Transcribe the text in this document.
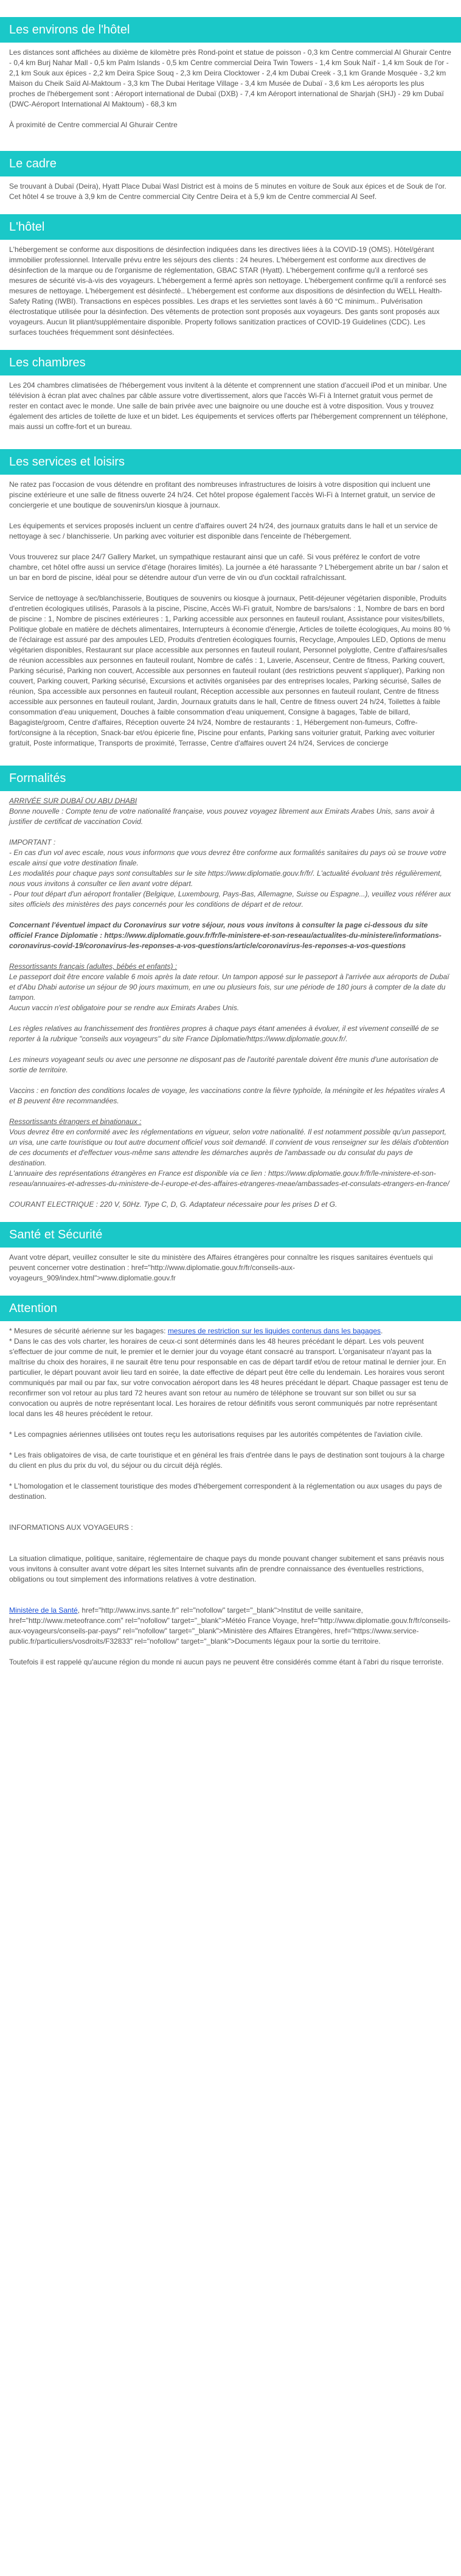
Les environs de l'hôtel

Les distances sont affichées au dixième de kilomètre près Rond-point et statue de poisson - 0,3 km Centre commercial Al Ghurair Centre - 0,4 km Burj Nahar Mall - 0,5 km Palm Islands - 0,5 km Centre commercial Deira Twin Towers - 1,4 km Souk Naïf - 1,4 km Souk de l'or - 2,1 km Souk aux épices - 2,2 km Deira Spice Souq - 2,3 km Deira Clocktower - 2,4 km Dubai Creek - 3,1 km Grande Mosquée - 3,2 km Maison du Cheik Saïd Al-Maktoum - 3,3 km The Dubai Heritage Village - 3,4 km Musée de Dubaï - 3,6 km Les aéroports les plus proches de l'hébergement sont : Aéroport international de Dubaï (DXB) - 7,4 km Aéroport international de Sharjah (SHJ) - 29 km Dubaï (DWC-Aéroport International Al Maktoum) - 68,3 km

À proximité de Centre commercial Al Ghurair Centre

Le cadre

Se trouvant à Dubaï (Deira), Hyatt Place Dubai Wasl District est à moins de 5 minutes en voiture de Souk aux épices et de Souk de l'or. Cet hôtel 4 se trouve à 3,9 km de Centre commercial City Centre Deira et à 5,9 km de Centre commercial Al Seef.

L'hôtel

L'hébergement se conforme aux dispositions de désinfection indiquées dans les directives liées à la COVID-19 (OMS). Hôtel/gérant immobilier professionnel. Intervalle prévu entre les séjours des clients : 24 heures. L'hébergement est conforme aux directives de désinfection de la marque ou de l'organisme de réglementation, GBAC STAR (Hyatt). L'hébergement confirme qu'il a renforcé ses mesures de sécurité vis-à-vis des voyageurs. L'hébergement a fermé après son nettoyage. L'hébergement confirme qu'il a renforcé ses mesures de nettoyage. L'hébergement est désinfecté.. L'hébergement est conforme aux dispositions de désinfection du WELL Health-Safety Rating (IWBI). Transactions en espèces possibles. Les draps et les serviettes sont lavés à 60 °C minimum.. Pulvérisation électrostatique utilisée pour la désinfection. Des vêtements de protection sont proposés aux voyageurs. Des gants sont proposés aux voyageurs. Aucun lit pliant/supplémentaire disponible. Property follows sanitization practices of COVID-19 Guidelines (CDC). Les surfaces touchées fréquemment sont désinfectées.

Les chambres

Les 204 chambres climatisées de l'hébergement vous invitent à la détente et comprennent une station d'accueil iPod et un minibar. Une télévision à écran plat avec chaînes par câble assure votre divertissement, alors que l'accès Wi-Fi à Internet gratuit vous permet de rester en contact avec le monde. Une salle de bain privée avec une baignoire ou une douche est à votre disposition. Vous y trouvez également des articles de toilette de luxe et un bidet. Les équipements et services offerts par l'hébergement comprennent un téléphone, mais aussi un coffre-fort et un bureau.

Les services et loisirs

Ne ratez pas l'occasion de vous détendre en profitant des nombreuses infrastructures de loisirs à votre disposition qui incluent une piscine extérieure et une salle de fitness ouverte 24 h/24. Cet hôtel propose également l'accès Wi-Fi à Internet gratuit, un service de conciergerie et une boutique de souvenirs/un kiosque à journaux.

Les équipements et services proposés incluent un centre d'affaires ouvert 24 h/24, des journaux gratuits dans le hall et un service de nettoyage à sec / blanchisserie. Un parking avec voiturier est disponible dans l'enceinte de l'hébergement.

Vous trouverez sur place 24/7 Gallery Market, un sympathique restaurant ainsi que un café. Si vous préférez le confort de votre chambre, cet hôtel offre aussi un service d'étage (horaires limités). La journée a été harassante ? L'hébergement abrite un bar / salon et un bar en bord de piscine, idéal pour se détendre autour d'un verre de vin ou d'un cocktail rafraîchissant.

Service de nettoyage à sec/blanchisserie, Boutiques de souvenirs ou kiosque à journaux, Petit-déjeuner végétarien disponible, Produits d'entretien écologiques utilisés, Parasols à la piscine, Piscine, Accès Wi-Fi gratuit, Nombre de bars/salons : 1, Nombre de bars en bord de piscine : 1, Nombre de piscines extérieures : 1, Parking accessible aux personnes en fauteuil roulant, Assistance pour visites/billets, Politique globale en matière de déchets alimentaires, Interrupteurs à économie d'énergie, Articles de toilette écologiques, Au moins 80 % de l'éclairage est assuré par des ampoules LED, Produits d'entretien écologiques fournis, Recyclage, Ampoules LED, Options de menu végétarien disponibles, Restaurant sur place accessible aux personnes en fauteuil roulant, Personnel polyglotte, Centre d'affaires/salles de réunion accessibles aux personnes en fauteuil roulant, Nombre de cafés : 1, Laverie, Ascenseur, Centre de fitness, Parking couvert, Parking sécurisé, Parking non couvert, Accessible aux personnes en fauteuil roulant (des restrictions peuvent s'appliquer), Parking non couvert, Parking couvert, Parking sécurisé, Excursions et activités organisées par des entreprises locales, Parking sécurisé, Salles de réunion, Spa accessible aux personnes en fauteuil roulant, Réception accessible aux personnes en fauteuil roulant, Centre de fitness accessible aux personnes en fauteuil roulant, Jardin, Journaux gratuits dans le hall, Centre de fitness ouvert 24 h/24, Toilettes à faible consommation d'eau uniquement, Douches à faible consommation d'eau uniquement, Consigne à bagages, Table de billard, Bagagiste/groom, Centre d'affaires, Réception ouverte 24 h/24, Nombre de restaurants : 1, Hébergement non-fumeurs, Coffre-fort/consigne à la réception, Snack-bar et/ou épicerie fine, Piscine pour enfants, Parking sans voiturier gratuit, Parking avec voiturier gratuit, Poste informatique, Transports de proximité, Terrasse, Centre d'affaires ouvert 24 h/24, Services de concierge

Formalités

ARRIVÉE SUR DUBAÏ OU ABU DHABI

Bonne nouvelle : Compte tenu de votre nationalité française, vous pouvez voyagez librement aux Emirats Arabes Unis, sans avoir à justifier de certificat de vaccination Covid.

IMPORTANT :

- En cas d'un vol avec escale, nous vous informons que vous devrez être conforme aux formalités sanitaires du pays où se trouve votre escale ainsi que votre destination finale.

Les modalités pour chaque pays sont consultables sur le site https://www.diplomatie.gouv.fr/fr/. L'actualité évoluant très régulièrement, nous vous invitons à consulter ce lien avant votre départ.

- Pour tout départ d'un aéroport frontalier (Belgique, Luxembourg, Pays-Bas, Allemagne, Suisse ou Espagne...), veuillez vous référer aux sites officiels des ministères des pays concernés pour les conditions de départ et de retour.

Concernant l'éventuel impact du Coronavirus sur votre séjour, nous vous invitons à consulter la page ci-dessous du site officiel France Diplomatie : https://www.diplomatie.gouv.fr/fr/le-ministere-et-son-reseau/actualites-du-ministere/informations-coronavirus-covid-19/coronavirus-les-reponses-a-vos-questions/article/coronavirus-les-reponses-a-vos-questions

Ressortissants français (adultes, bébés et enfants) :

Le passeport doit être encore valable 6 mois après la date retour. Un tampon apposé sur le passeport à l'arrivée aux aéroports de Dubaï et d'Abu Dhabi autorise un séjour de 90 jours maximum, en une ou plusieurs fois, sur une période de 180 jours à compter de la date du tampon.

Aucun vaccin n'est obligatoire pour se rendre aux Emirats Arabes Unis.

Les règles relatives au franchissement des frontières propres à chaque pays étant amenées à évoluer, il est vivement conseillé de se reporter à la rubrique "conseils aux voyageurs" du site France Diplomatie/https://www.diplomatie.gouv.fr/.

Les mineurs voyageant seuls ou avec une personne ne disposant pas de l'autorité parentale doivent être munis d'une autorisation de sortie de territoire.

Vaccins : en fonction des conditions locales de voyage, les vaccinations contre la fièvre typhoïde, la méningite et les hépatites virales A et B peuvent être recommandées.

Ressortissants étrangers et binationaux :

Vous devrez être en conformité avec les réglementations en vigueur, selon votre nationalité. Il est notamment possible qu'un passeport, un visa, une carte touristique ou tout autre document officiel vous soit demandé. Il convient de vous renseigner sur les délais d'obtention de ces documents et d'effectuer vous-même sans attendre les démarches auprès de l'ambassade ou du consulat du pays de destination.

L'annuaire des représentations étrangères en France est disponible via ce lien : https://www.diplomatie.gouv.fr/fr/le-ministere-et-son-reseau/annuaires-et-adresses-du-ministere-de-l-europe-et-des-affaires-etrangeres-meae/ambassades-et-consulats-etrangers-en-france/

COURANT ELECTRIQUE : 220 V, 50Hz. Type C, D, G. Adaptateur nécessaire pour les prises D et G.

Santé et Sécurité

Avant votre départ, veuillez consulter le site du ministère des Affaires étrangères pour connaître les risques sanitaires éventuels qui peuvent concerner votre destination : href="http://www.diplomatie.gouv.fr/fr/conseils-aux-voyageurs_909/index.html">www.diplomatie.gouv.fr

Attention

* Mesures de sécurité aérienne sur les bagages: mesures de restriction sur les liquides contenus dans les bagages.

* Dans le cas des vols charter, les horaires de ceux-ci sont déterminés dans les 48 heures précédant le départ. Les vols peuvent s'effectuer de jour comme de nuit, le premier et le dernier jour du voyage étant consacré au transport. L'organisateur n'ayant pas la maîtrise du choix des horaires, il ne saurait être tenu pour responsable en cas de départ tardif et/ou de retour matinal le dernier jour. En particulier, le départ pouvant avoir lieu tard en soirée, la date effective de départ peut être celle du lendemain. Les horaires vous seront communiqués par mail ou par fax, sur votre convocation aéroport dans les 48 heures précédant le départ. Chaque passager est tenu de reconfirmer son vol retour au plus tard 72 heures avant son retour au numéro de téléphone se trouvant sur son billet ou sur sa convocation ou auprès de notre représentant local. Les horaires de retour définitifs vous seront communiqués par notre représentant local dans les 48 heures précédent le retour.

* Les compagnies aériennes utilisées ont toutes reçu les autorisations requises par les autorités compétentes de l'aviation civile.

* Les frais obligatoires de visa, de carte touristique et en général les frais d'entrée dans le pays de destination sont toujours à la charge du client en plus du prix du vol, du séjour ou du circuit déjà réglés.

* L'homologation et le classement touristique des modes d'hébergement correspondent à la réglementation ou aux usages du pays de destination.

INFORMATIONS AUX VOYAGEURS :

La situation climatique, politique, sanitaire, réglementaire de chaque pays du monde pouvant changer subitement et sans préavis nous vous invitons à consulter avant votre départ les sites Internet suivants afin de prendre connaissance des éventuelles restrictions, obligations ou tout simplement des informations relatives à votre destination.

Ministère de la Santé, href="http://www.invs.sante.fr" rel="nofollow" target="_blank">Institut de veille sanitaire, href="http://www.meteofrance.com" rel="nofollow" target="_blank">Météo France Voyage, href="http://www.diplomatie.gouv.fr/fr/conseils-aux-voyageurs/conseils-par-pays/" rel="nofollow" target="_blank">Ministère des Affaires Etrangères, href="https://www.service-public.fr/particuliers/vosdroits/F32833" rel="nofollow" target="_blank">Documents légaux pour la sortie du territoire.

Toutefois il est rappelé qu'aucune région du monde ni aucun pays ne peuvent être considérés comme étant à l'abri du risque terroriste.
